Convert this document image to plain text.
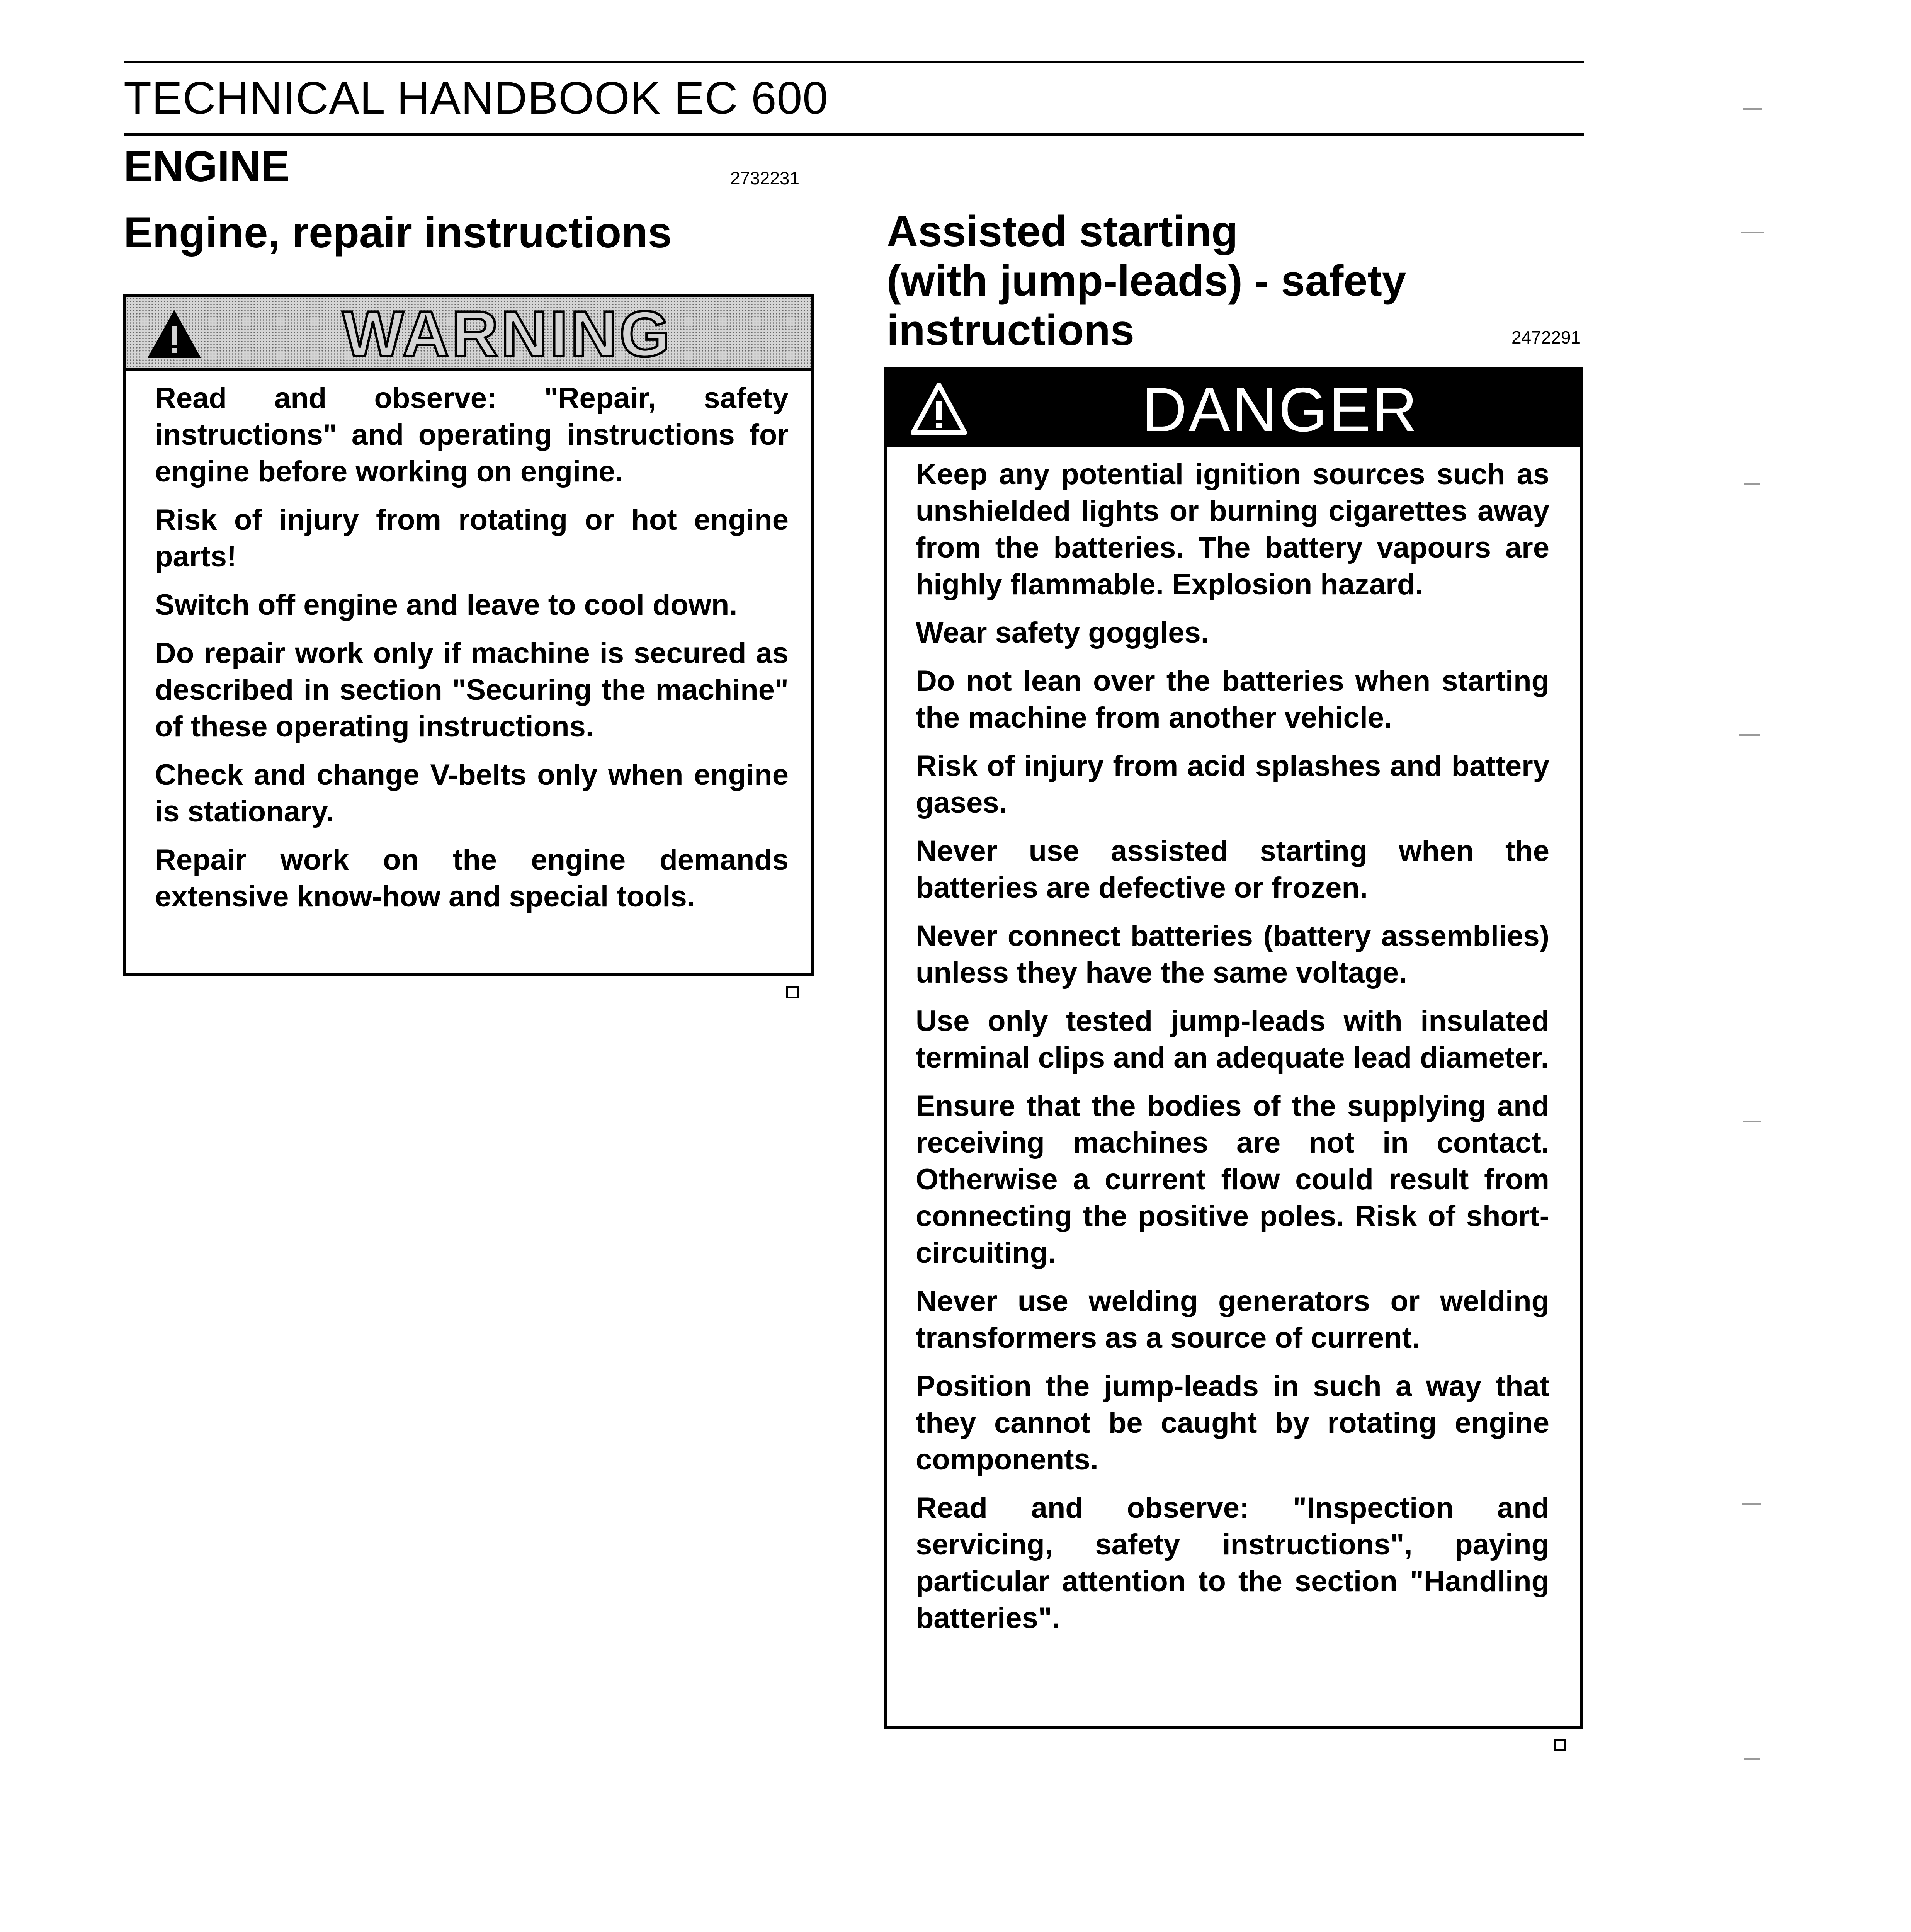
TECHNICAL HANDBOOK EC 600
ENGINE	2732231
Engine, repair instructions
WARNING

Read and observe: "Repair, safety instructions" and operating instructions for engine before working on engine.

Risk of injury from rotating or hot engine parts!

Switch off engine and leave to cool down.

Do repair work only if machine is secured as described in section "Securing the machine" of these operating instructions.

Check and change V-belts only when engine is stationary.

Repair work on the engine demands extensive know-how and special tools.

Assisted starting
(with jump-leads) - safety
instructions	2472291
DANGER

Keep any potential ignition sources such as unshielded lights or burning cigarettes away from the batteries. The battery vapours are highly flammable. Explosion hazard.

Wear safety goggles.

Do not lean over the batteries when starting the machine from another vehicle.

Risk of injury from acid splashes and battery gases.

Never use assisted starting when the batteries are defective or frozen.

Never connect batteries (battery assemblies) unless they have the same voltage.

Use only tested jump-leads with insulated terminal clips and an adequate lead diameter.

Ensure that the bodies of the supplying and receiving machines are not in contact. Otherwise a current flow could result from connecting the positive poles. Risk of short-circuiting.

Never use welding generators or welding transformers as a source of current.

Position the jump-leads in such a way that they cannot be caught by rotating engine components.

Read and observe: "Inspection and servicing, safety instructions", paying particular attention to the section "Handling batteries".
